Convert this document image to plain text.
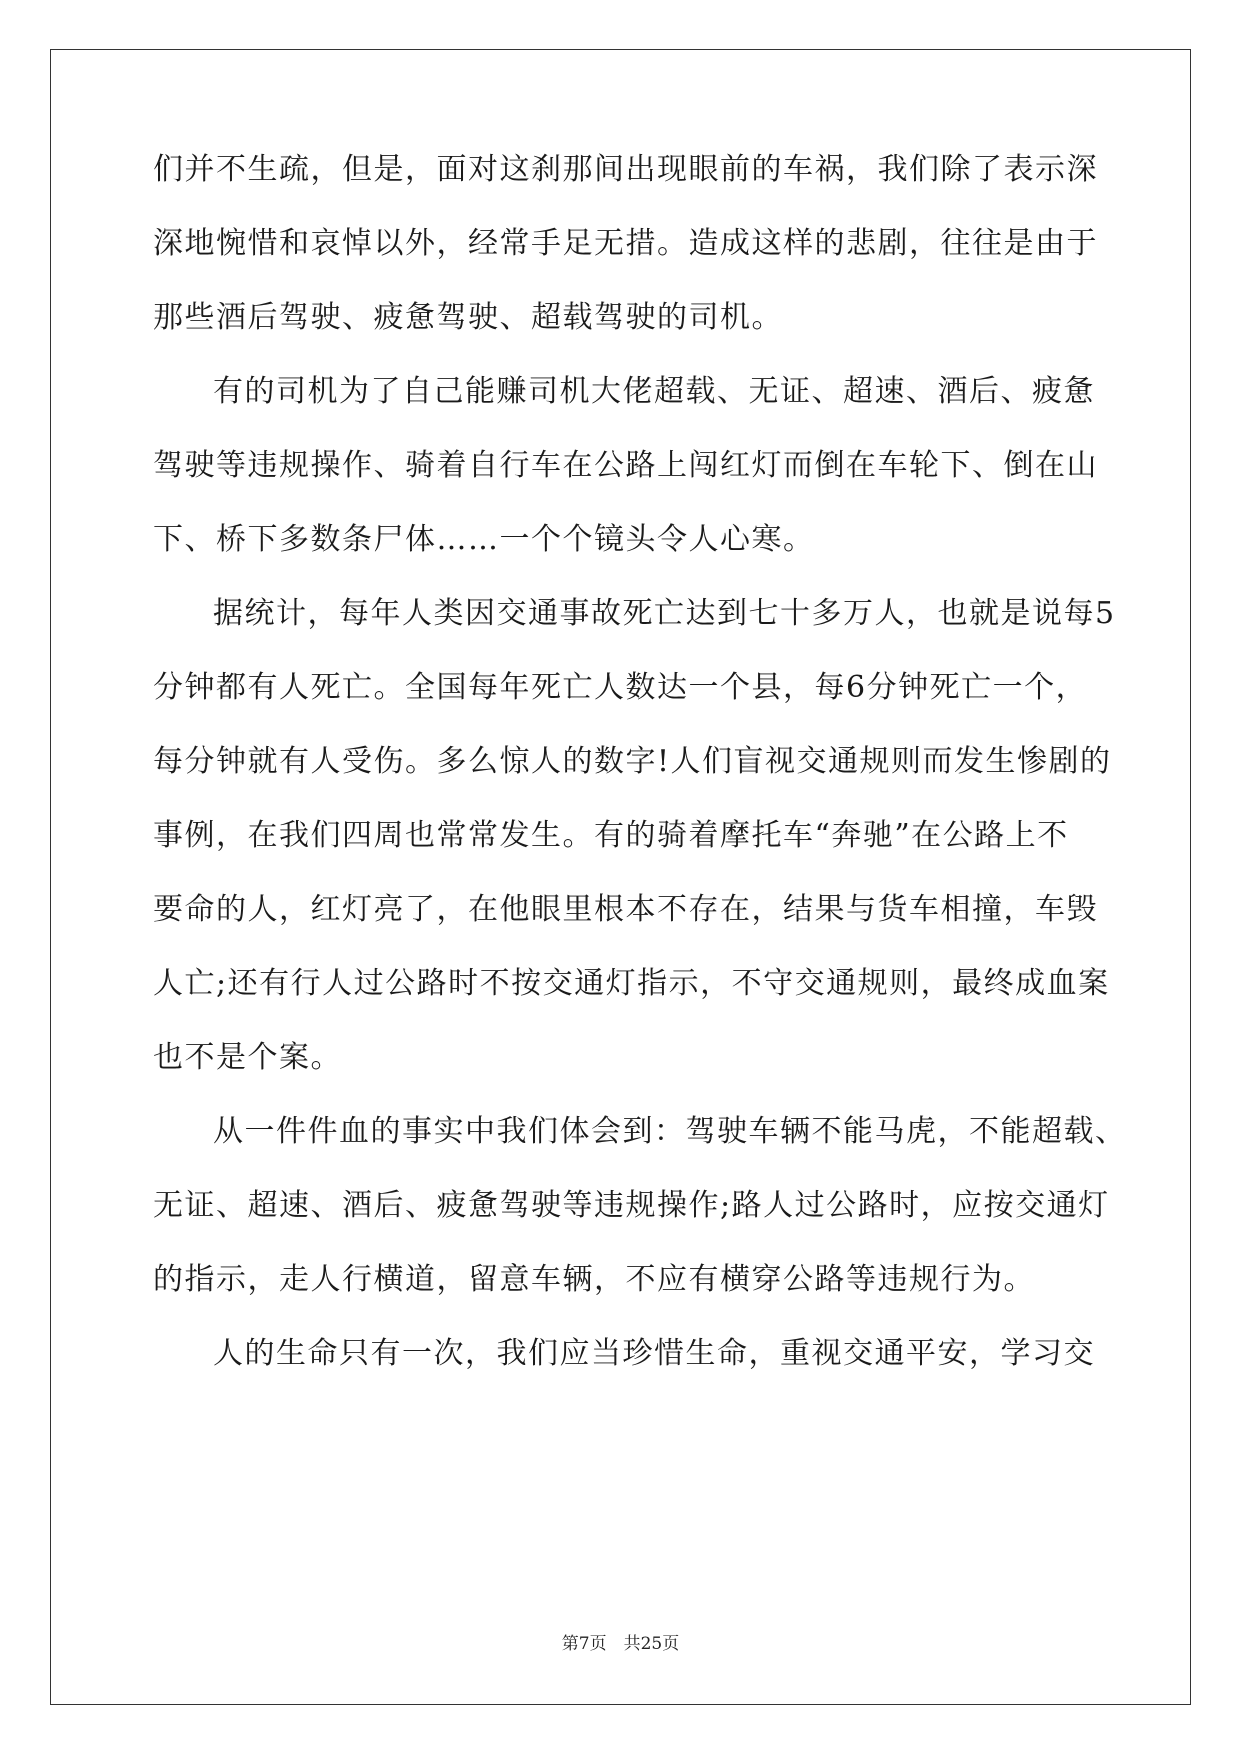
们并不生疏，但是，面对这刹那间出现眼前的车祸，我们除了表示深
深地惋惜和哀悼以外，经常手足无措。造成这样的悲剧，往往是由于
那些酒后驾驶、疲惫驾驶、超载驾驶的司机。
有的司机为了自己能赚司机大佬超载、无证、超速、酒后、疲惫
驾驶等违规操作、骑着自行车在公路上闯红灯而倒在车轮下、倒在山
下、桥下多数条尸体……一个个镜头令人心寒。
据统计，每年人类因交通事故死亡达到七十多万人，也就是说每5
分钟都有人死亡。全国每年死亡人数达一个县，每6分钟死亡一个，
每分钟就有人受伤。多么惊人的数字!人们盲视交通规则而发生惨剧的
事例，在我们四周也常常发生。有的骑着摩托车“奔驰”在公路上不
要命的人，红灯亮了，在他眼里根本不存在，结果与货车相撞，车毁
人亡;还有行人过公路时不按交通灯指示，不守交通规则，最终成血案
也不是个案。
从一件件血的事实中我们体会到：驾驶车辆不能马虎，不能超载、
无证、超速、酒后、疲惫驾驶等违规操作;路人过公路时，应按交通灯
的指示，走人行横道，留意车辆，不应有横穿公路等违规行为。
人的生命只有一次，我们应当珍惜生命，重视交通平安，学习交
第7页　共25页
